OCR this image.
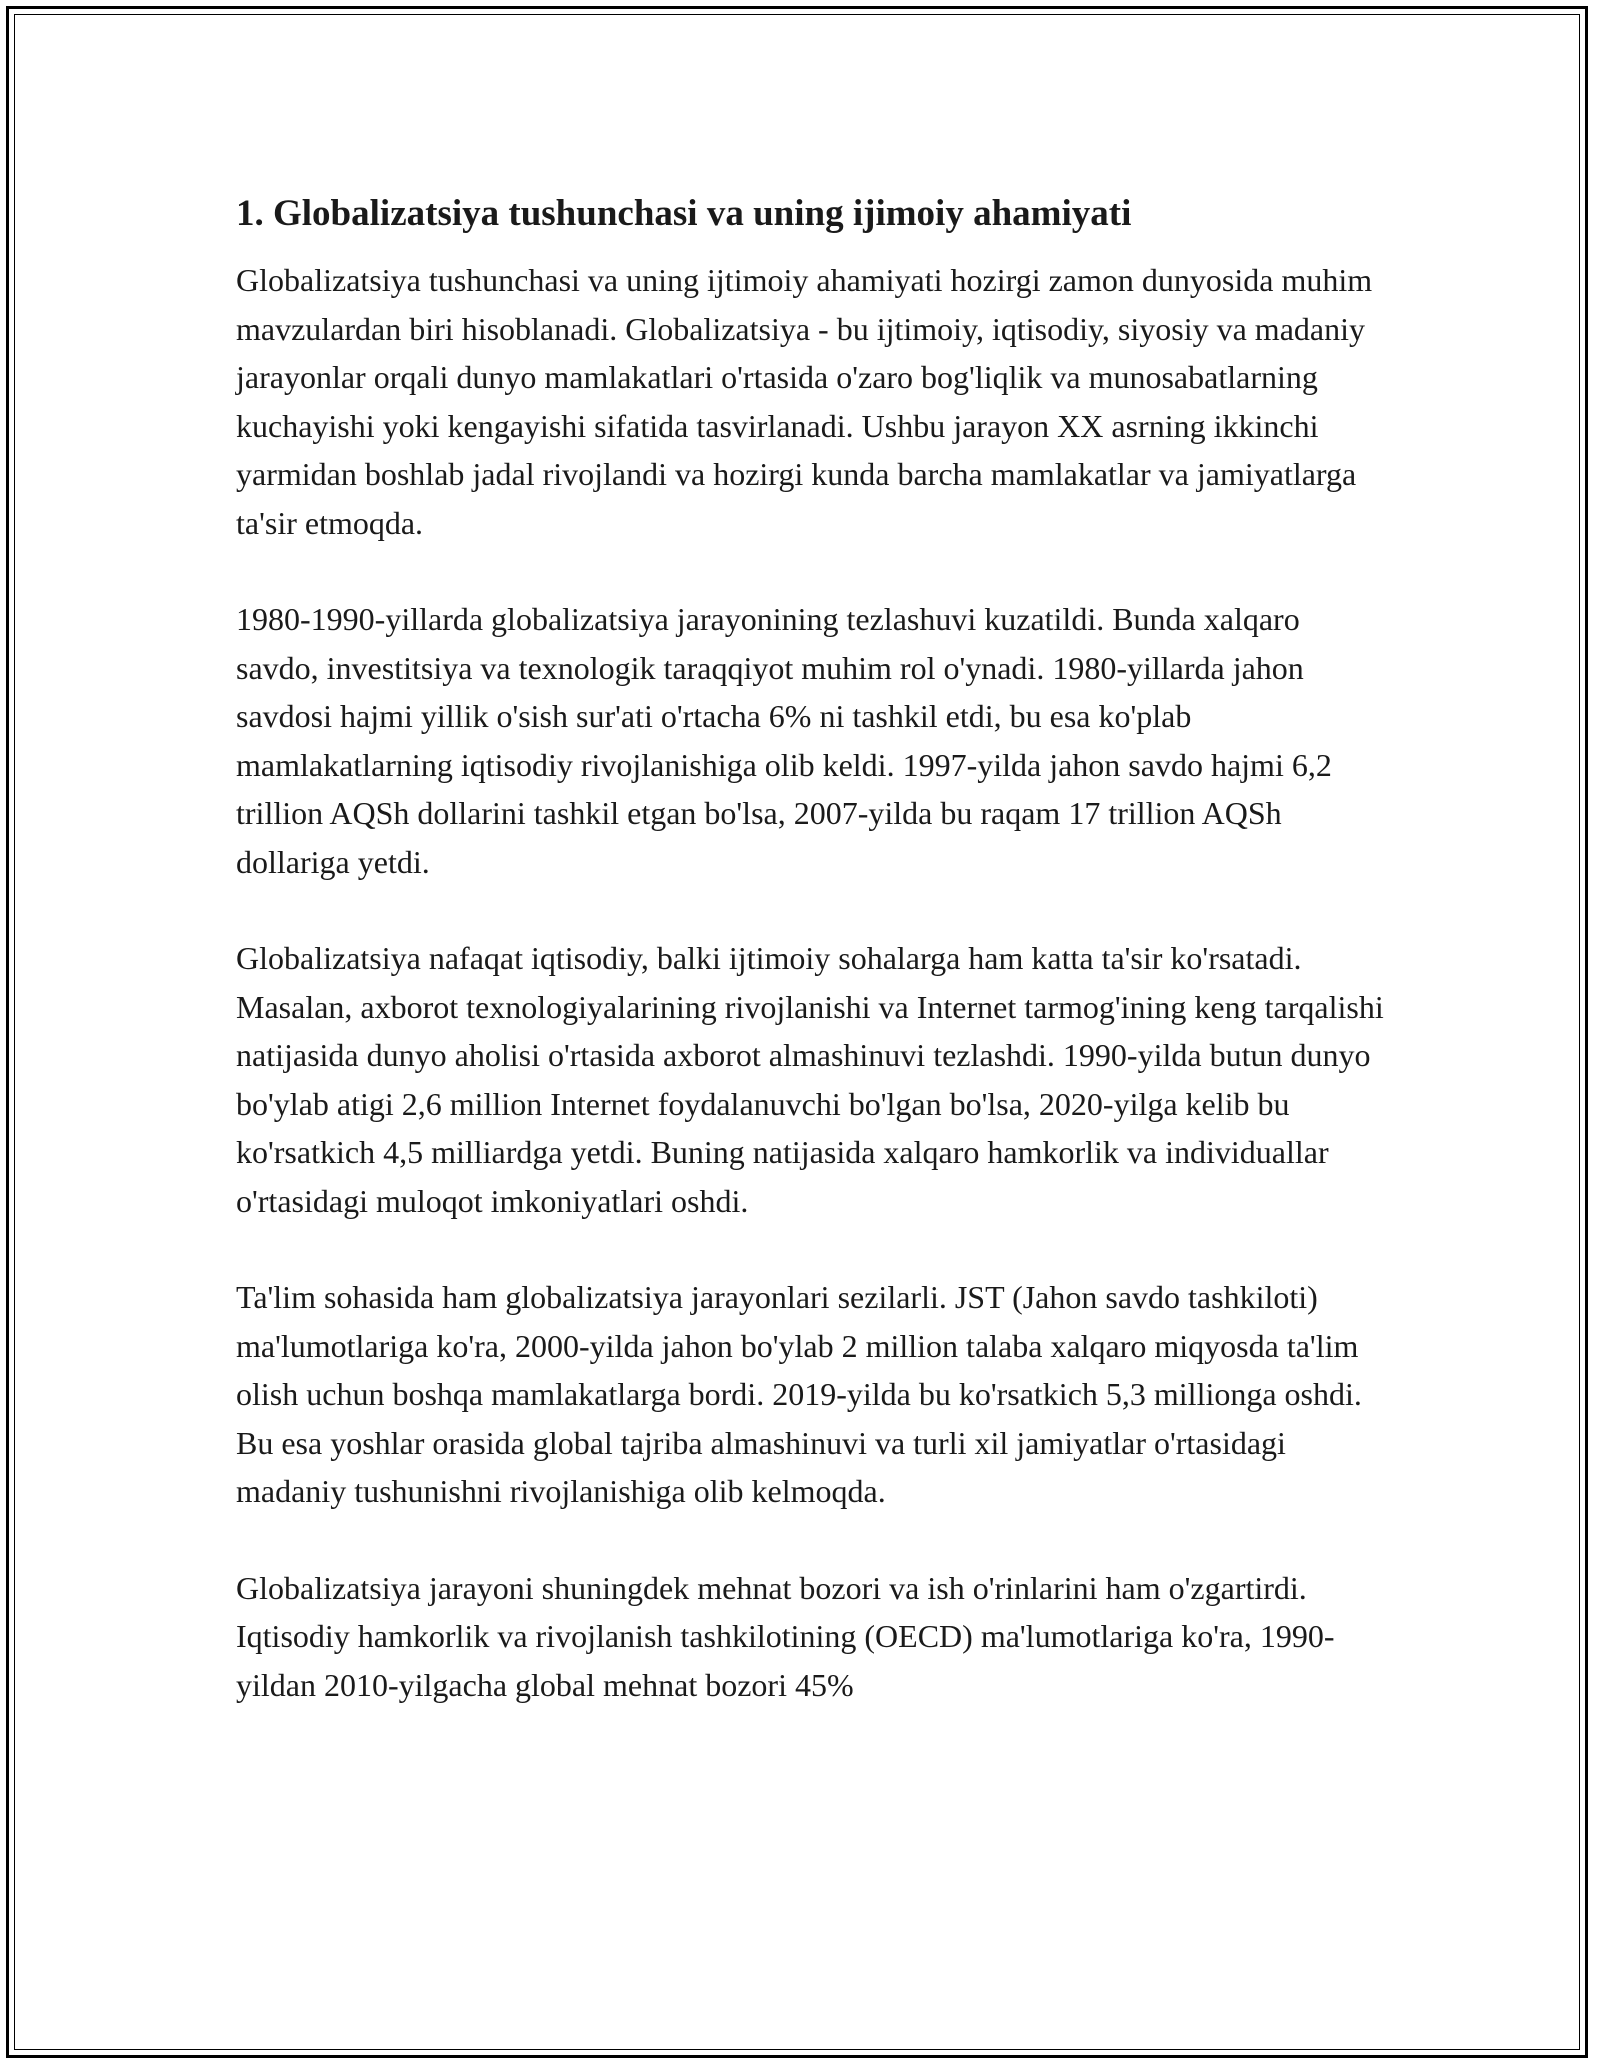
1. Globalizatsiya tushunchasi va uning ijimoiy ahamiyati

Globalizatsiya tushunchasi va uning ijtimoiy ahamiyati hozirgi zamon dunyosida muhim mavzulardan biri hisoblanadi. Globalizatsiya - bu ijtimoiy, iqtisodiy, siyosiy va madaniy jarayonlar orqali dunyo mamlakatlari o'rtasida o'zaro bog'liqlik va munosabatlarning kuchayishi yoki kengayishi sifatida tasvirlanadi. Ushbu jarayon XX asrning ikkinchi yarmidan boshlab jadal rivojlandi va hozirgi kunda barcha mamlakatlar va jamiyatlarga ta'sir etmoqda.

1980-1990-yillarda globalizatsiya jarayonining tezlashuvi kuzatildi. Bunda xalqaro savdo, investitsiya va texnologik taraqqiyot muhim rol o'ynadi. 1980-yillarda jahon savdosi hajmi yillik o'sish sur'ati o'rtacha 6% ni tashkil etdi, bu esa ko'plab mamlakatlarning iqtisodiy rivojlanishiga olib keldi. 1997-yilda jahon savdo hajmi 6,2 trillion AQSh dollarini tashkil etgan bo'lsa, 2007-yilda bu raqam 17 trillion AQSh dollariga yetdi.

Globalizatsiya nafaqat iqtisodiy, balki ijtimoiy sohalarga ham katta ta'sir ko'rsatadi. Masalan, axborot texnologiyalarining rivojlanishi va Internet tarmog'ining keng tarqalishi natijasida dunyo aholisi o'rtasida axborot almashinuvi tezlashdi. 1990-yilda butun dunyo bo'ylab atigi 2,6 million Internet foydalanuvchi bo'lgan bo'lsa, 2020-yilga kelib bu ko'rsatkich 4,5 milliardga yetdi. Buning natijasida xalqaro hamkorlik va individuallar o'rtasidagi muloqot imkoniyatlari oshdi.

Ta'lim sohasida ham globalizatsiya jarayonlari sezilarli. JST (Jahon savdo tashkiloti) ma'lumotlariga ko'ra, 2000-yilda jahon bo'ylab 2 million talaba xalqaro miqyosda ta'lim olish uchun boshqa mamlakatlarga bordi. 2019-yilda bu ko'rsatkich 5,3 millionga oshdi. Bu esa yoshlar orasida global tajriba almashinuvi va turli xil jamiyatlar o'rtasidagi madaniy tushunishni rivojlanishiga olib kelmoqda.

Globalizatsiya jarayoni shuningdek mehnat bozori va ish o'rinlarini ham o'zgartirdi. Iqtisodiy hamkorlik va rivojlanish tashkilotining (OECD) ma'lumotlariga ko'ra, 1990-yildan 2010-yilgacha global mehnat bozori 45%
